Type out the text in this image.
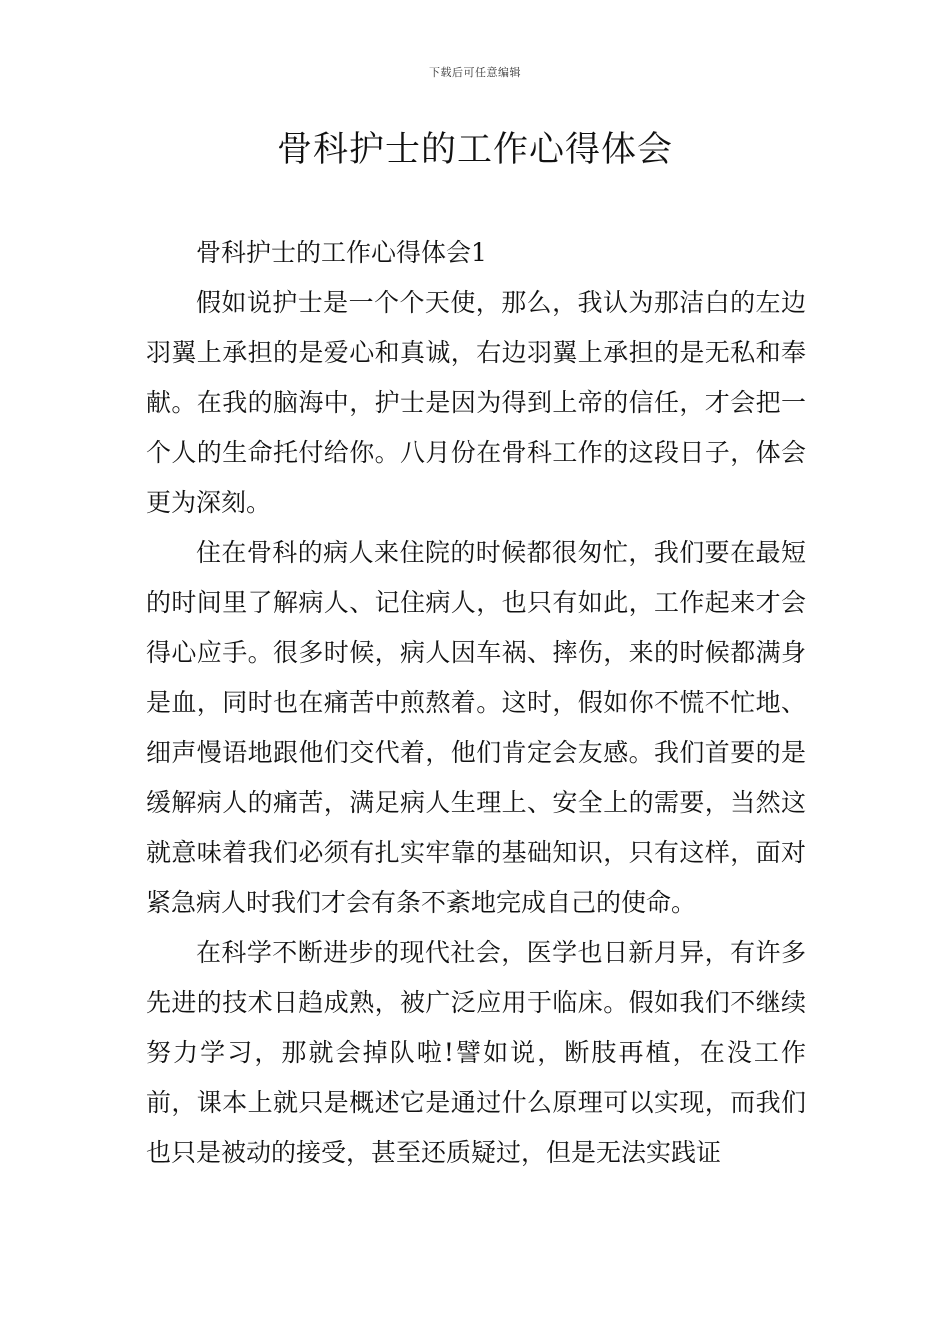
下载后可任意编辑
骨科护士的工作心得体会

骨科护士的工作心得体会1

假如说护士是一个个天使，那么，我认为那洁白的左边羽翼上承担的是爱心和真诚，右边羽翼上承担的是无私和奉献。在我的脑海中，护士是因为得到上帝的信任，才会把一个人的生命托付给你。八月份在骨科工作的这段日子，体会更为深刻。

住在骨科的病人来住院的时候都很匆忙，我们要在最短的时间里了解病人、记住病人，也只有如此，工作起来才会得心应手。很多时候，病人因车祸、摔伤，来的时候都满身是血，同时也在痛苦中煎熬着。这时，假如你不慌不忙地、细声慢语地跟他们交代着，他们肯定会友感。我们首要的是缓解病人的痛苦，满足病人生理上、安全上的需要，当然这就意味着我们必须有扎实牢靠的基础知识，只有这样，面对紧急病人时我们才会有条不紊地完成自己的使命。

在科学不断进步的现代社会，医学也日新月异，有许多先进的技术日趋成熟，被广泛应用于临床。假如我们不继续努力学习，那就会掉队啦!譬如说，断肢再植，在没工作前，课本上就只是概述它是通过什么原理可以实现，而我们也只是被动的接受，甚至还质疑过，但是无法实践证
